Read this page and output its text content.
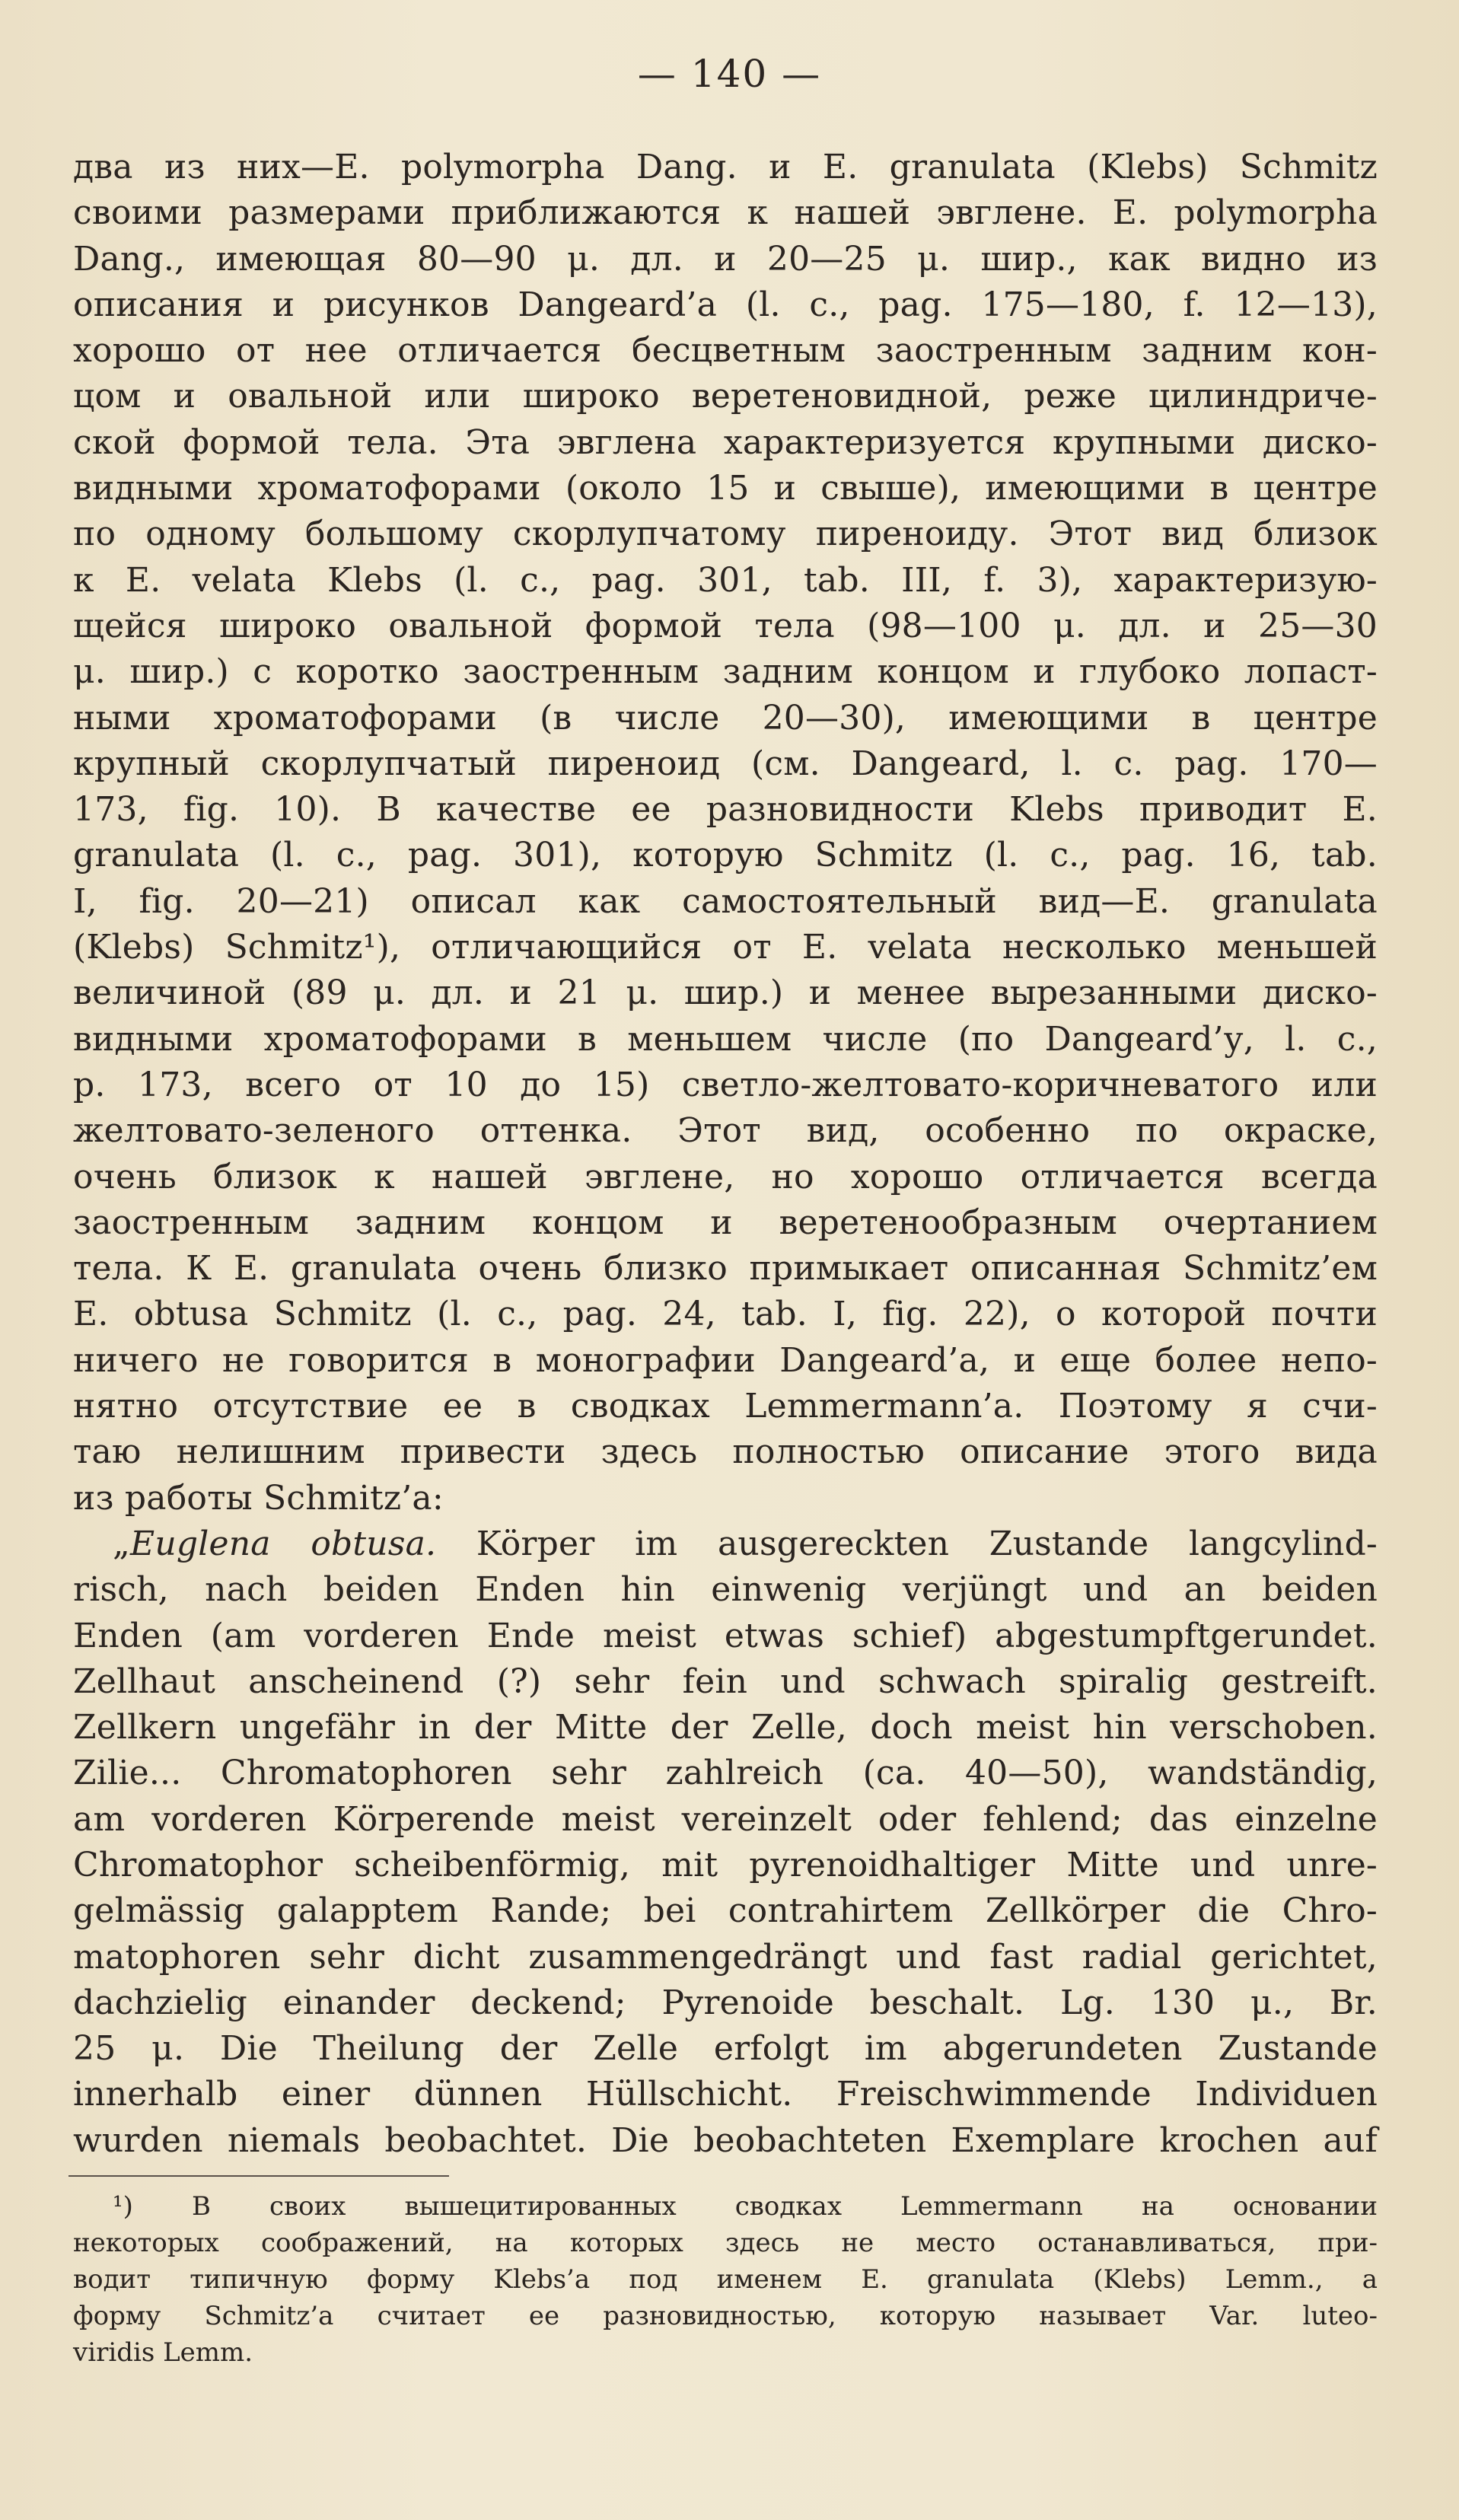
— 140 —
два из них—E. polymorpha Dang. и E. granulata (Klebs) Schmitz
своими размерами приближаются к нашей эвглене. E. polymorpha
Dang., имеющая 80—90 μ. дл. и 20—25 μ. шир., как видно из
описания и рисунков Dangeard’a (l. c., pag. 175—180, f. 12—13),
хорошо от нее отличается бесцветным заостренным задним кон-
цом и овальной или широко веретеновидной, реже цилиндриче-
ской формой тела. Эта эвглена характеризуется крупными диско-
видными хроматофорами (около 15 и свыше), имеющими в центре
по одному большому скорлупчатому пиреноиду. Этот вид близок
к E. velata Klebs (l. c., pag. 301, tab. III, f. 3), характеризую-
щейся широко овальной формой тела (98—100 μ. дл. и 25—30
μ. шир.) с коротко заостренным задним концом и глубоко лопаст-
ными хроматофорами (в числе 20—30), имеющими в центре
крупный скорлупчатый пиреноид (см. Dangeard, l. c. pag. 170—
173, fig. 10). В качестве ее разновидности Klebs приводит E.
granulata (l. c., pag. 301), которую Schmitz (l. c., pag. 16, tab.
I, fig. 20—21) описал как самостоятельный вид—E. granulata
(Klebs) Schmitz¹), отличающийся от E. velata несколько меньшей
величиной (89 μ. дл. и 21 μ. шир.) и менее вырезанными диско-
видными хроматофорами в меньшем числе (по Dangeard’у, l. c.,
p. 173, всего от 10 до 15) светло-желтовато-коричневатого или
желтовато-зеленого оттенка. Этот вид, особенно по окраске,
очень близок к нашей эвглене, но хорошо отличается всегда
заостренным задним концом и веретенообразным очертанием
тела. К E. granulata очень близко примыкает описанная Schmitz’ем
E. obtusa Schmitz (l. c., pag. 24, tab. I, fig. 22), о которой почти
ничего не говорится в монографии Dangeard’a, и еще более непо-
нятно отсутствие ее в сводках Lemmermann’a. Поэтому я счи-
таю нелишним привести здесь полностью описание этого вида
из работы Schmitz’a:
„Euglena obtusa. Körper im ausgereckten Zustande langcylind-
risch, nach beiden Enden hin einwenig verjüngt und an beiden
Enden (am vorderen Ende meist etwas schief) abgestumpftgerundet.
Zellhaut anscheinend (?) sehr fein und schwach spiralig gestreift.
Zellkern ungefähr in der Mitte der Zelle, doch meist hin verschoben.
Zilie... Chromatophoren sehr zahlreich (ca. 40—50), wandständig,
am vorderen Körperende meist vereinzelt oder fehlend; das einzelne
Chromatophor scheibenförmig, mit pyrenoidhaltiger Mitte und unre-
gelmässig galapptem Rande; bei contrahirtem Zellkörper die Chro-
matophoren sehr dicht zusammengedrängt und fast radial gerichtet,
dachzielig einander deckend; Pyrenoide beschalt. Lg. 130 μ., Br.
25 μ. Die Theilung der Zelle erfolgt im abgerundeten Zustande
innerhalb einer dünnen Hüllschicht. Freischwimmende Individuen
wurden niemals beobachtet. Die beobachteten Exemplare krochen auf
¹) В своих вышецитированных сводках Lemmermann на основании
некоторых соображений, на которых здесь не место останавливаться, при-
водит типичную форму Klebs’a под именем E. granulata (Klebs) Lemm., а
форму Schmitz’a считает ее разновидностью, которую называет Var. luteo-
viridis Lemm.
